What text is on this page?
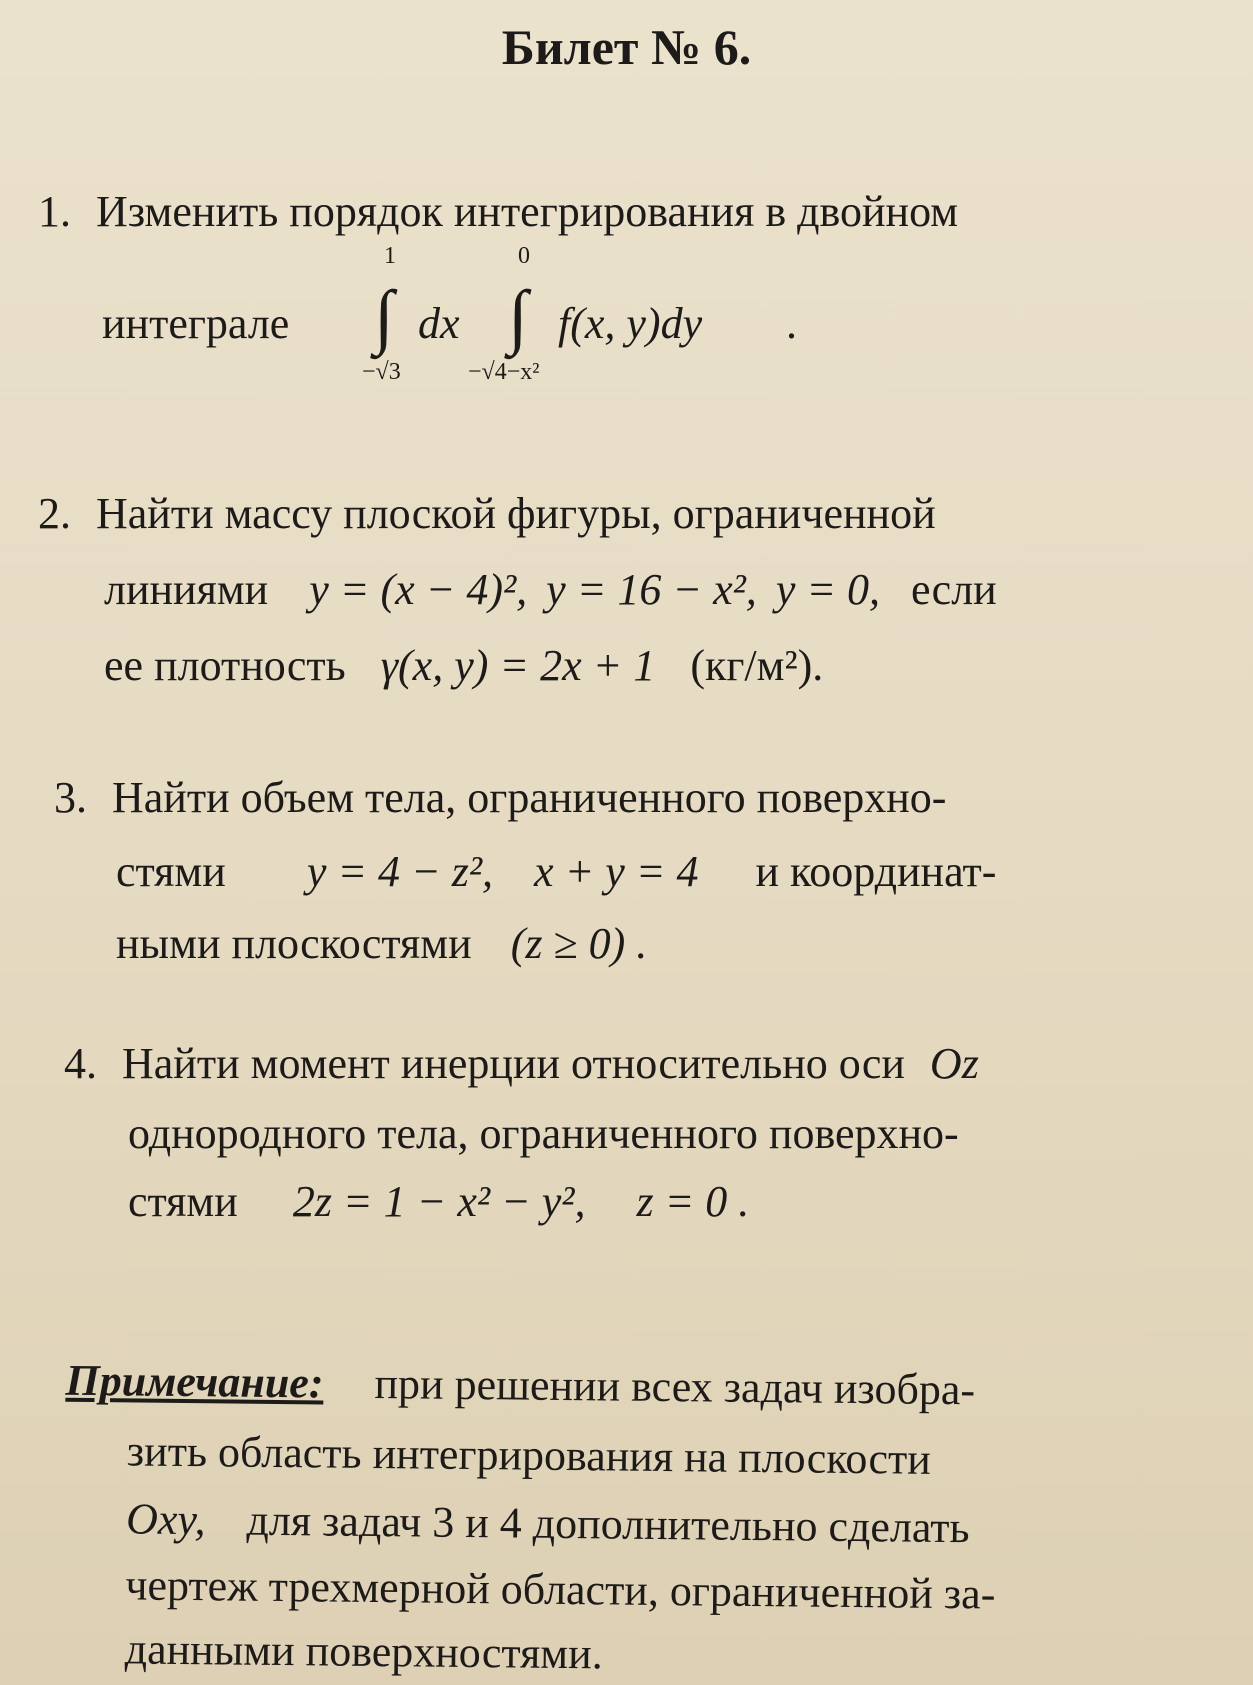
Билет № 6.
1. Изменить порядок интегрирования в двойном
интеграле
1
∫
−√3
dx
0
∫
−√4−x²
f(x, y)dy .
2. Найти массу плоской фигуры, ограниченной
линиями y = (x − 4)², y = 16 − x², y = 0, если
ее плотность γ(x, y) = 2x + 1 (кг/м²).
3. Найти объем тела, ограниченного поверхно-
стями y = 4 − z², x + y = 4 и координат-
ными плоскостями (z ≥ 0) .
4. Найти момент инерции относительно оси Oz
однородного тела, ограниченного поверхно-
стями 2z = 1 − x² − y², z = 0 .
Примечание: при решении всех задач изобра-
зить область интегрирования на плоскости
Oxy, для задач 3 и 4 дополнительно сделать
чертеж трехмерной области, ограниченной за-
данными поверхностями.
